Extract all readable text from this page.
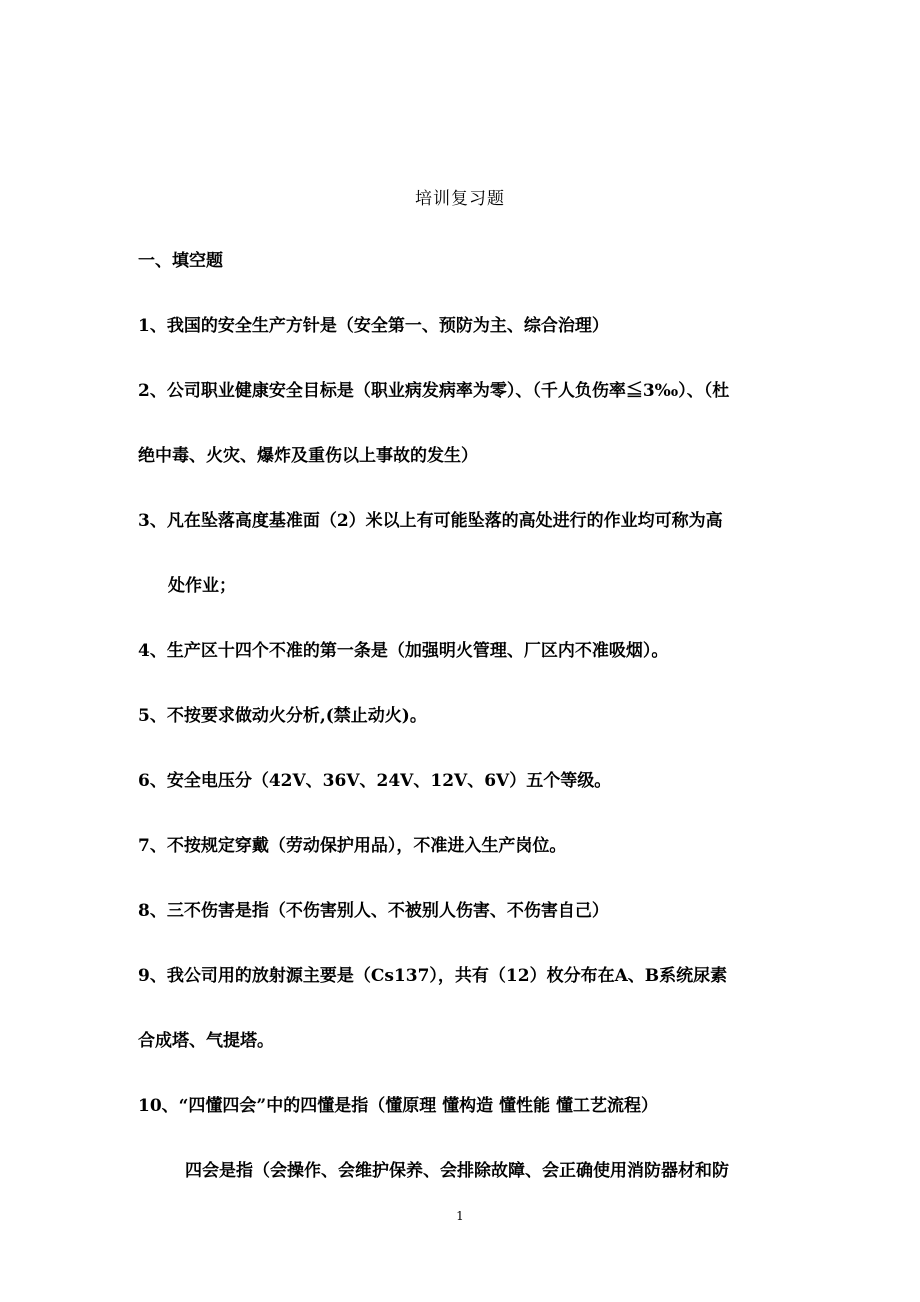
培训复习题
一、填空题
1、我国的安全生产方针是（安全第一、预防为主、综合治理）
2、公司职业健康安全目标是（职业病发病率为零）、（千人负伤率≦3‰）、（杜
绝中毒、火灾、爆炸及重伤以上事故的发生）
3、凡在坠落高度基准面（2）米以上有可能坠落的高处进行的作业均可称为高
处作业；
4、生产区十四个不准的第一条是（加强明火管理、厂区内不准吸烟）。
5、不按要求做动火分析,(禁止动火)。
6、安全电压分（42V、36V、24V、12V、6V）五个等级。
7、不按规定穿戴（劳动保护用品），不准进入生产岗位。
8、三不伤害是指（不伤害别人、不被别人伤害、不伤害自己）
9、我公司用的放射源主要是（Cs137），共有（12）枚分布在A、B系统尿素
合成塔、气提塔。
10、“四懂四会”中的四懂是指（懂原理 懂构造 懂性能 懂工艺流程）
四会是指（会操作、会维护保养、会排除故障、会正确使用消防器材和防
1
